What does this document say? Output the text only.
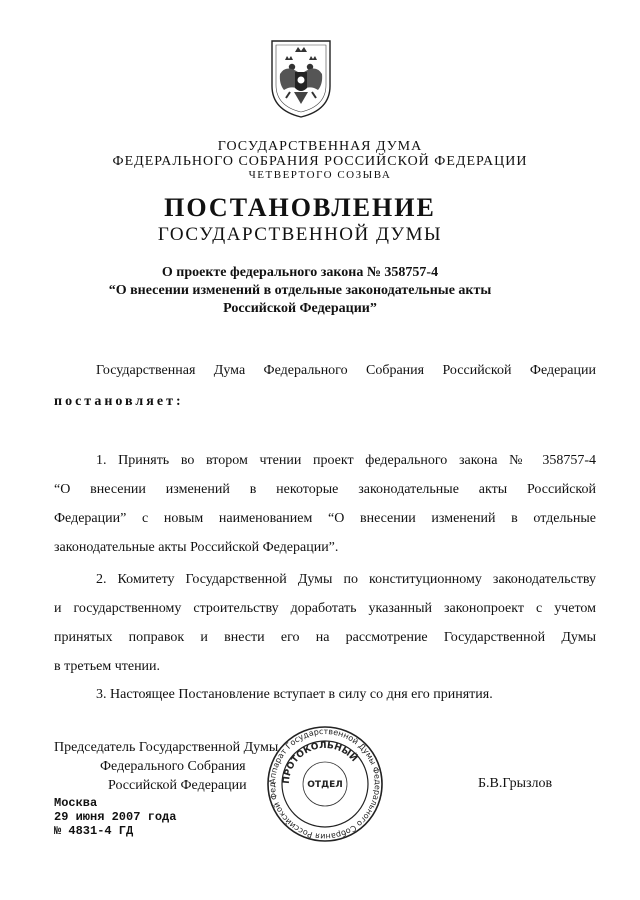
ГОСУДАРСТВЕННАЯ ДУМА
ФЕДЕРАЛЬНОГО СОБРАНИЯ РОССИЙСКОЙ ФЕДЕРАЦИИ
ЧЕТВЕРТОГО СОЗЫВА
ПОСТАНОВЛЕНИЕ
ГОСУДАРСТВЕННОЙ ДУМЫ
О проекте федерального закона № 358757-4
“О внесении изменений в отдельные законодательные акты
Российской Федерации”
Государственная Дума Федерального Собрания Российской Федерации
постановляет:
1. Принять во втором чтении проект федерального закона № 358757-4
“О внесении изменений в некоторые законодательные акты Российской
Федерации” с новым наименованием “О внесении изменений в отдельные
законодательные акты Российской Федерации”.
2. Комитету Государственной Думы по конституционному законодательству
и государственному строительству доработать указанный законопроект с учетом
принятых поправок и внести его на рассмотрение Государственной Думы
в третьем чтении.
3. Настоящее Постановление вступает в силу со дня его принятия.
Председатель Государственной Думы
Федерального Собрания
Российской Федерации	Б.В.Грызлов
Москва
29 июня 2007 года
№ 4831-4 ГД
Аппарат Государственной Думы Федерального Собрания Российской Фед
ПРОТОКОЛЬНЫЙ
ОТДЕЛ
